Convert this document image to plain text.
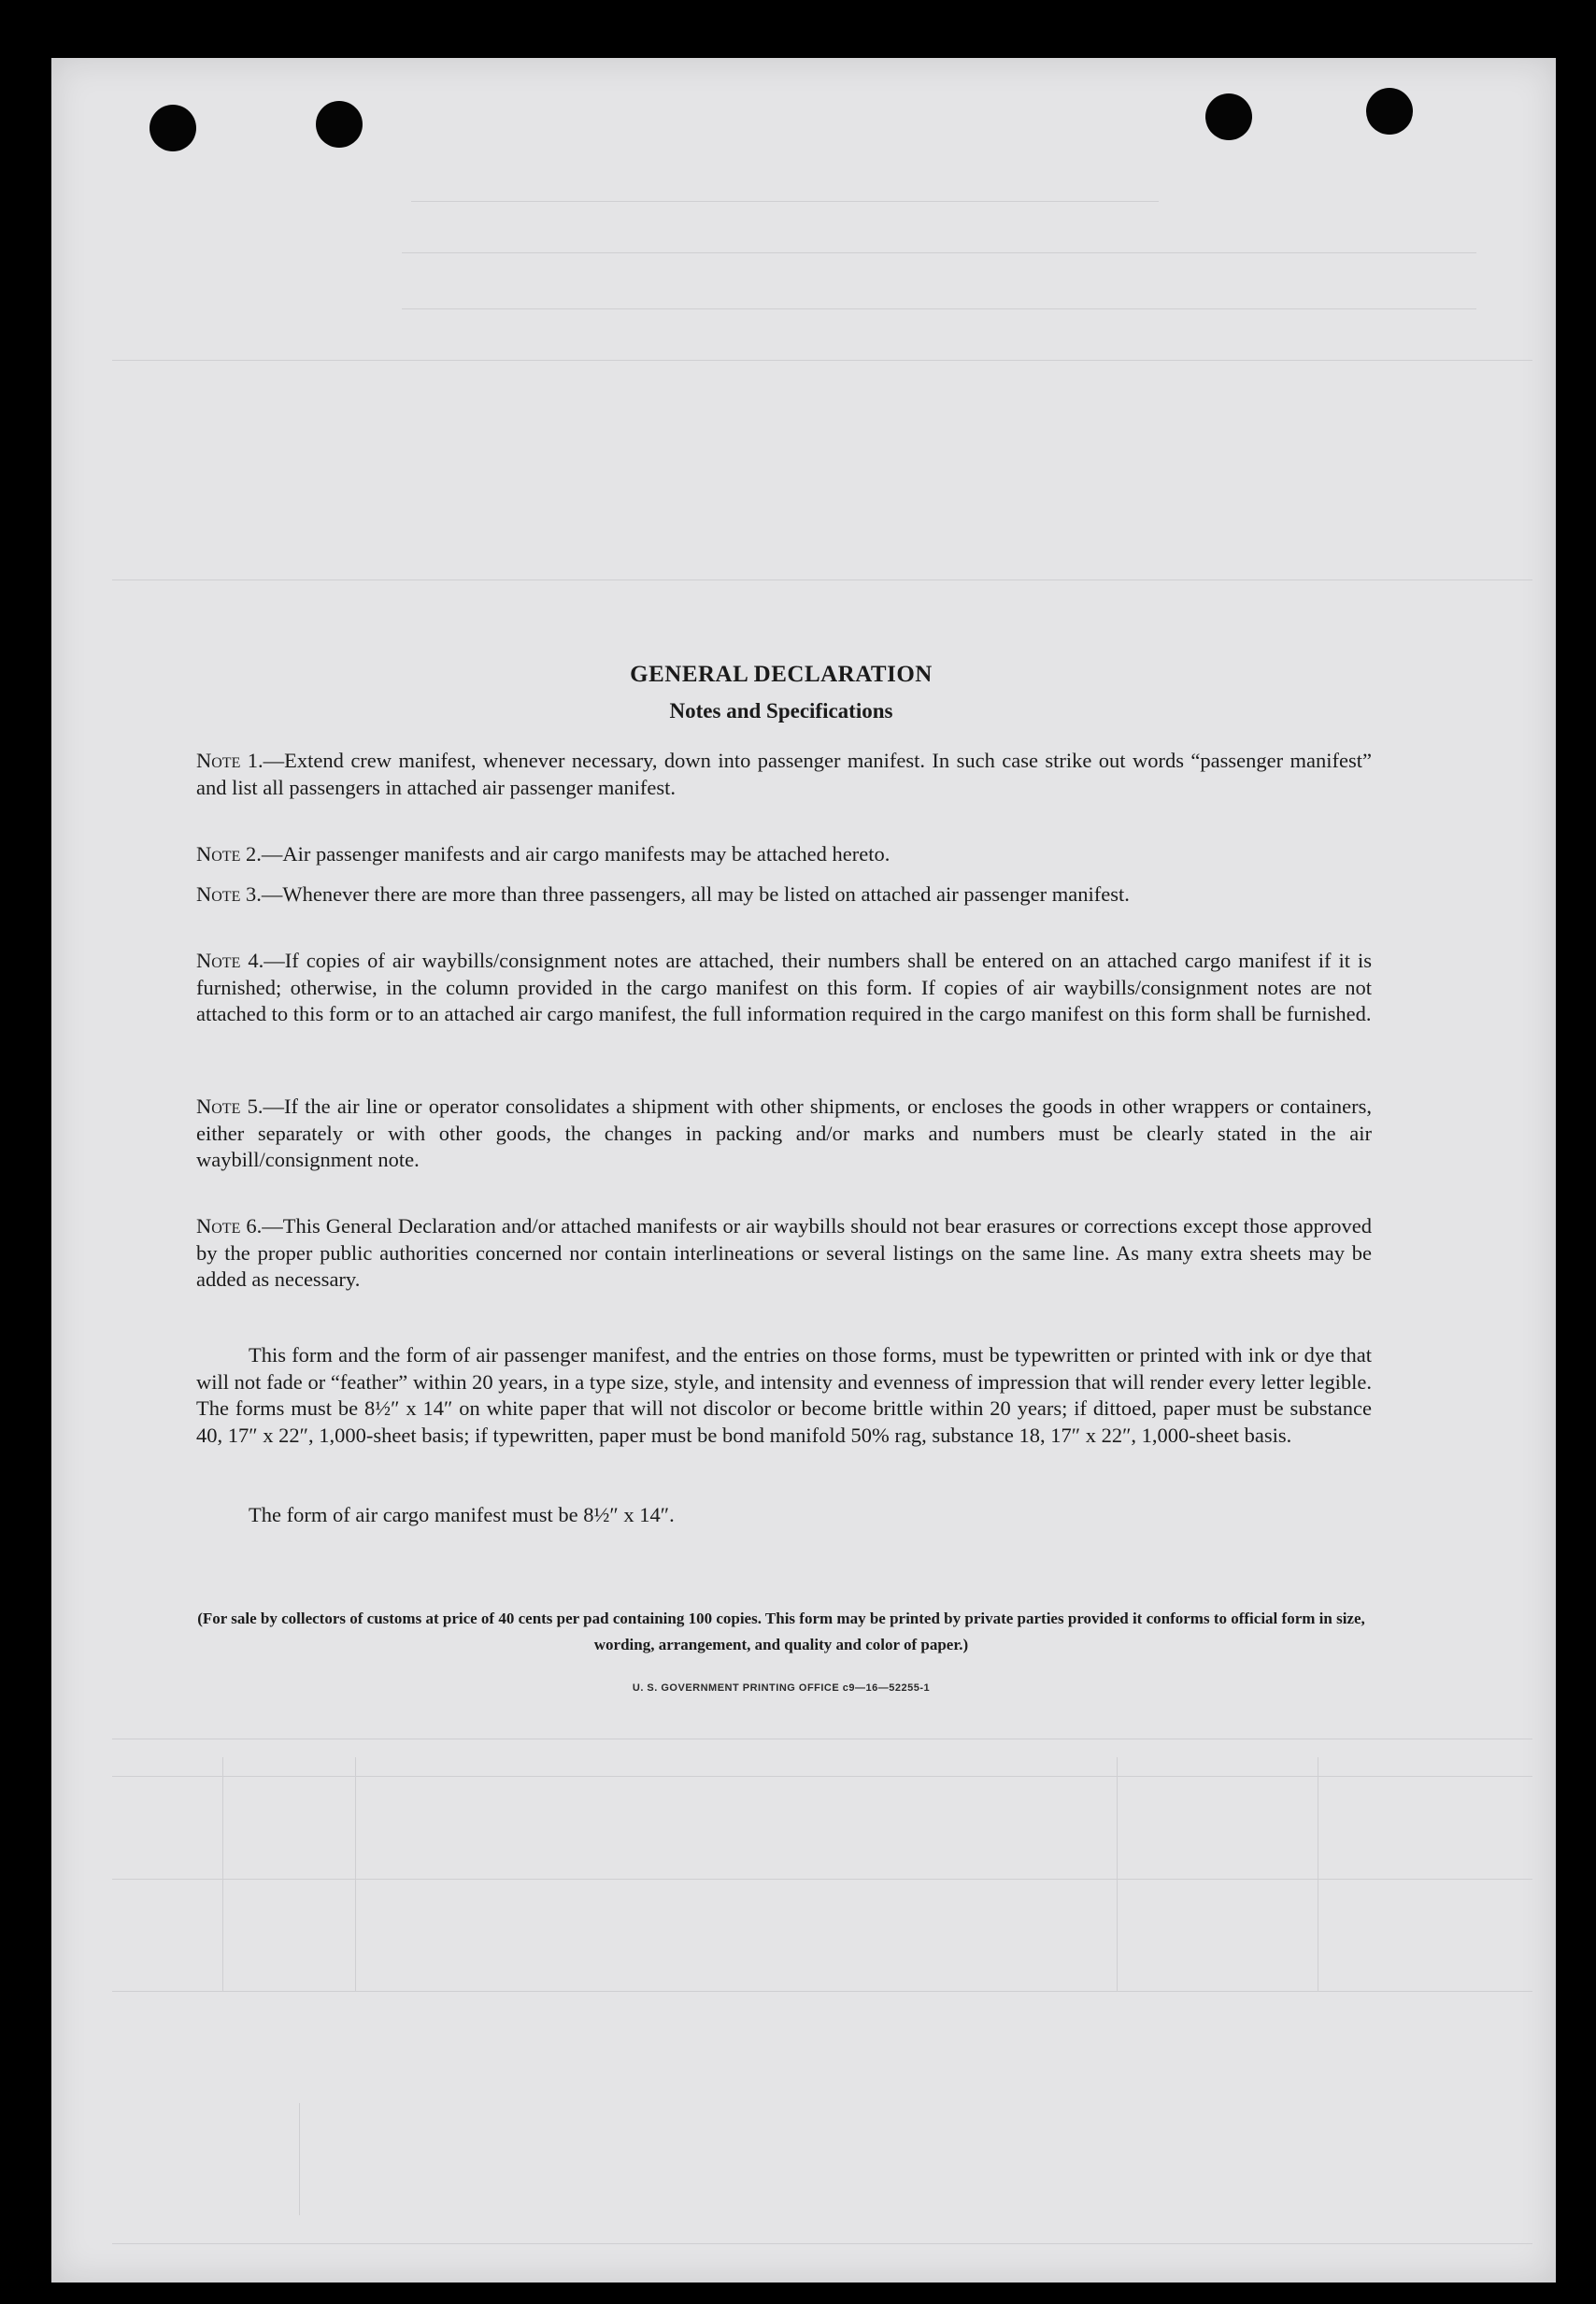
GENERAL DECLARATION
Notes and Specifications
Note 1.—Extend crew manifest, whenever necessary, down into passenger manifest. In such case strike out words “passenger manifest” and list all passengers in attached air passenger manifest.
Note 2.—Air passenger manifests and air cargo manifests may be attached hereto.
Note 3.—Whenever there are more than three passengers, all may be listed on attached air passenger manifest.
Note 4.—If copies of air waybills/consignment notes are attached, their numbers shall be entered on an attached cargo manifest if it is furnished; otherwise, in the column provided in the cargo manifest on this form. If copies of air waybills/consignment notes are not attached to this form or to an attached air cargo manifest, the full information required in the cargo manifest on this form shall be furnished.
Note 5.—If the air line or operator consolidates a shipment with other shipments, or encloses the goods in other wrappers or containers, either separately or with other goods, the changes in packing and/or marks and numbers must be clearly stated in the air waybill/consignment note.
Note 6.—This General Declaration and/or attached manifests or air waybills should not bear erasures or corrections except those approved by the proper public authorities concerned nor contain interlineations or several listings on the same line. As many extra sheets may be added as necessary.
This form and the form of air passenger manifest, and the entries on those forms, must be typewritten or printed with ink or dye that will not fade or “feather” within 20 years, in a type size, style, and intensity and evenness of impression that will render every letter legible. The forms must be 8½″ x 14″ on white paper that will not discolor or become brittle within 20 years; if dittoed, paper must be substance 40, 17″ x 22″, 1,000-sheet basis; if typewritten, paper must be bond manifold 50% rag, substance 18, 17″ x 22″, 1,000-sheet basis.
The form of air cargo manifest must be 8½″ x 14″.
(For sale by collectors of customs at price of 40 cents per pad containing 100 copies. This form may be printed by private parties provided it conforms to official form in size, wording, arrangement, and quality and color of paper.)
U. S. GOVERNMENT PRINTING OFFICE c9—16—52255-1
